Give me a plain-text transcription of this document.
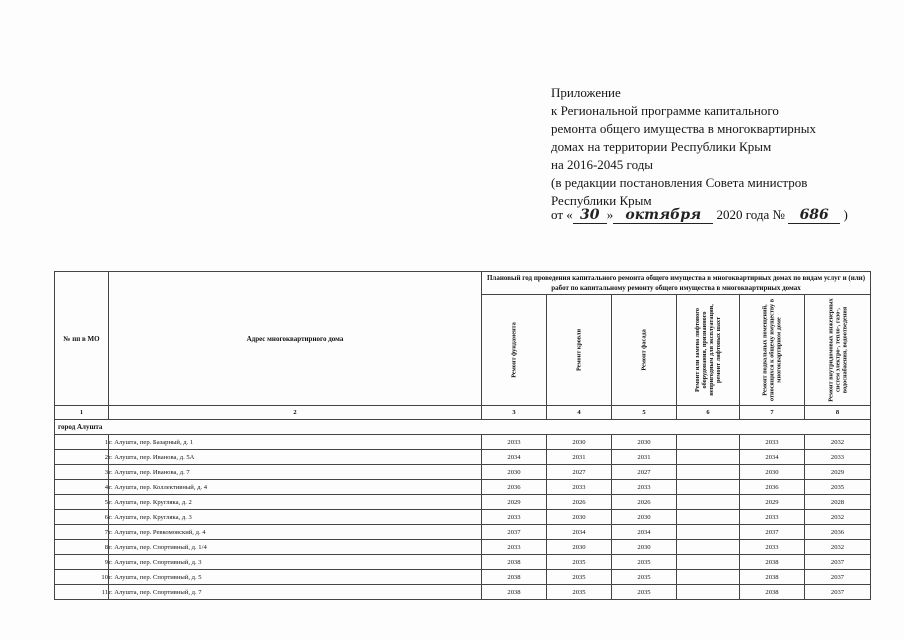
Приложение
к Региональной программе капитального
ремонта общего имущества в многоквартирных
домах на территории Республики Крым
на 2016-2045 годы
(в редакции постановления Совета министров
Республики Крым
от « 30 » октября 2020 года № 686 )
№ пп в МО	Адрес многоквартирного дома	Плановый год проведения капитального ремонта общего имущества в многоквартирных домах по видам услуг и (или) работ по капитальному ремонту общего имущества в многоквартирных домах					

		Ремонт фундамента	Ремонт кровли	Ремонт фасада	Ремонт или замена лифтового оборудования, признанного непригодным для эксплуатации, ремонт лифтовых шахт	Ремонт подвальных помещений, относящихся к общему имуществу в многоквартирном доме	Ремонт внутридомовых инженерных систем электро-, тепло-, газо-, водоснабжения, водоотведения

1	2	3	4	5	6	7	8
город Алушта							
1	г. Алушта, пер. Базарный, д. 1	2033	2030	2030		2033	2032
2	г. Алушта, пер. Иванова, д. 5А	2034	2031	2031		2034	2033
3	г. Алушта, пер. Иванова, д. 7	2030	2027	2027		2030	2029
4	г. Алушта, пер. Коллективный, д. 4	2036	2033	2033		2036	2035
5	г. Алушта, пер. Кругляка, д. 2	2029	2026	2026		2029	2028
6	г. Алушта, пер. Кругляка, д. 3	2033	2030	2030		2033	2032
7	г. Алушта, пер. Ревкомовский, д. 4	2037	2034	2034		2037	2036
8	г. Алушта, пер. Спортивный, д. 1/4	2033	2030	2030		2033	2032
9	г. Алушта, пер. Спортивный, д. 3	2038	2035	2035		2038	2037
10	г. Алушта, пер. Спортивный, д. 5	2038	2035	2035		2038	2037
11	г. Алушта, пер. Спортивный, д. 7	2038	2035	2035		2038	2037
